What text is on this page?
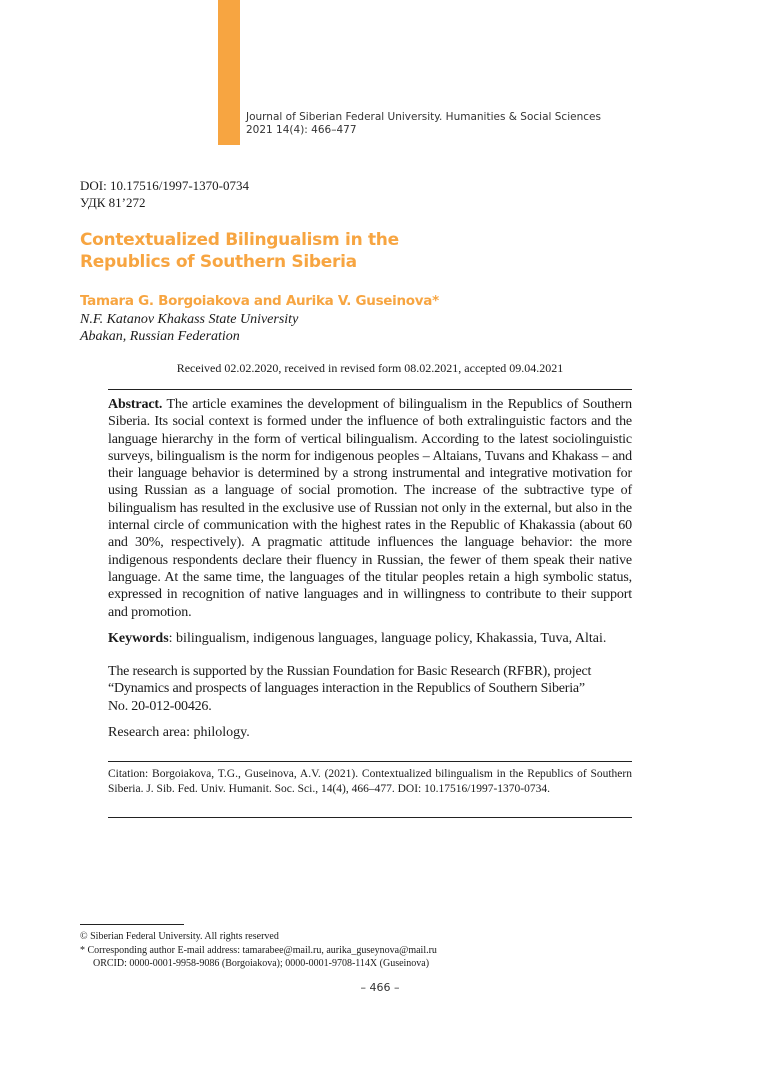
Journal of Siberian Federal University. Humanities & Social Sciences
2021 14(4): 466–477
DOI: 10.17516/1997-1370-0734
УДК 81’272
Contextualized Bilingualism in the
Republics of Southern Siberia
Tamara G. Borgoiakova and Aurika V. Guseinova*
N.F. Katanov Khakass State University
Abakan, Russian Federation
Received 02.02.2020, received in revised form 08.02.2021, accepted 09.04.2021

Abstract. The article examines the development of bilingualism in the Republics of Southern Siberia. Its social context is formed under the influence of both extralinguistic factors and the language hierarchy in the form of vertical bilingualism. According to the latest sociolinguistic surveys, bilingualism is the norm for indigenous peoples – Altaians, Tuvans and Khakass – and their language behavior is determined by a strong instrumental and integrative motivation for using Russian as a language of social promotion. The increase of the subtractive type of bilingualism has resulted in the exclusive use of Russian not only in the external, but also in the internal circle of communication with the highest rates in the Republic of Khakassia (about 60 and 30%, respectively). A pragmatic attitude influences the language behavior: the more indigenous respondents declare their fluency in Russian, the fewer of them speak their native language. At the same time, the languages of the titular peoples retain a high symbolic status, expressed in recognition of native languages and in willingness to contribute to their support and promotion.

Keywords: bilingualism, indigenous languages, language policy, Khakassia, Tuva, Altai.

The research is supported by the Russian Foundation for Basic Research (RFBR), project
“Dynamics and prospects of languages interaction in the Republics of Southern Siberia”
No. 20-012-00426.

Research area: philology.

Citation: Borgoiakova, T.G., Guseinova, A.V. (2021). Contextualized bilingualism in the Republics of Southern Siberia. J. Sib. Fed. Univ. Humanit. Soc. Sci., 14(4), 466–477. DOI: 10.17516/1997-1370-0734.

© Siberian Federal University. All rights reserved
* Corresponding author E-mail address: tamarabee@mail.ru, aurika_guseynova@mail.ru
ORCID: 0000-0001-9958-9086 (Borgoiakova); 0000-0001-9708-114X (Guseinova)
– 466 –
